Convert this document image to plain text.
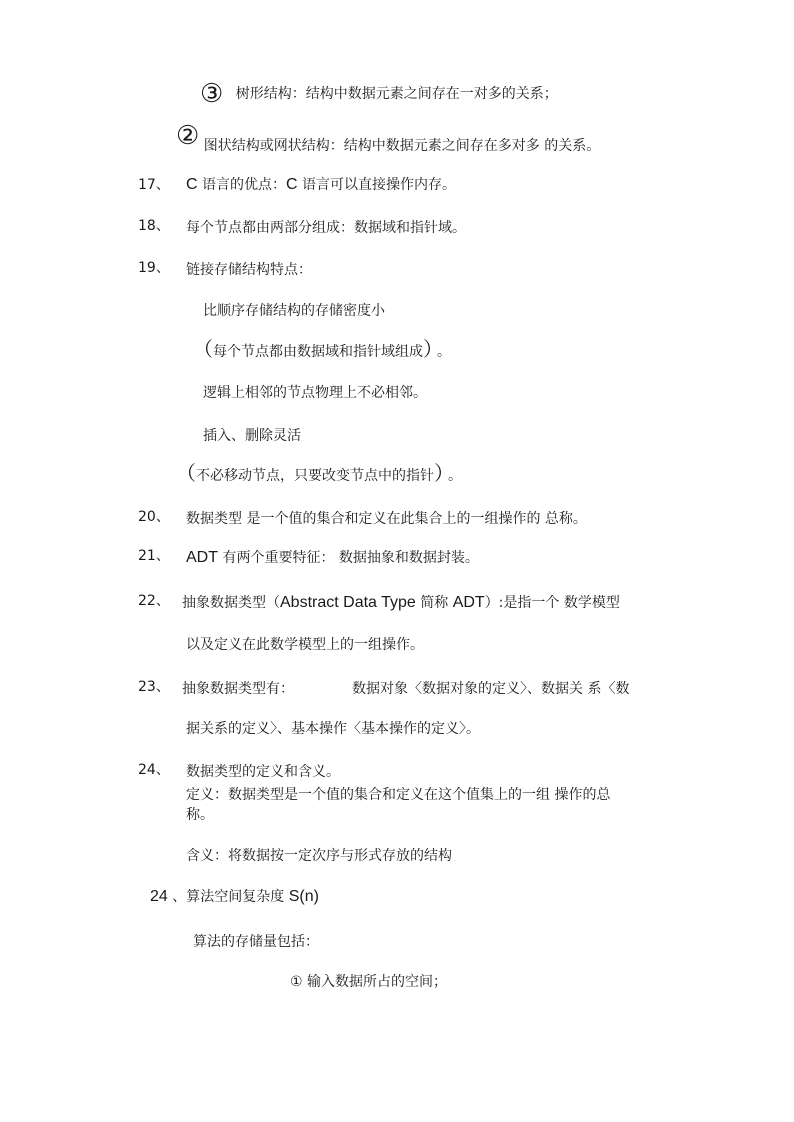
③ 树形结构：结构中数据元素之间存在一对多的关系；
② 图状结构或网状结构：结构中数据元素之间存在多对多 的关系。
17、 C 语言的优点：C 语言可以直接操作内存。
18、 每个节点都由两部分组成：数据域和指针域。
19、 链接存储结构特点：
比顺序存储结构的存储密度小
（每个节点都由数据域和指针域组成） 。
逻辑上相邻的节点物理上不必相邻。
插入、删除灵活
（不必移动节点，只要改变节点中的指针） 。
20、 数据类型 是一个值的集合和定义在此集合上的一组操作的 总称。
21、 ADT 有两个重要特征： 数据抽象和数据封装。
22、 抽象数据类型（Abstract Data Type 简称 ADT）:是指一个 数学模型
以及定义在此数学模型上的一组操作。
23、 抽象数据类型有：	数据对象〈数据对象的定义〉、数据关 系〈数
据关系的定义〉、基本操作〈基本操作的定义〉。
24、 数据类型的定义和含义。
定义：数据类型是一个值的集合和定义在这个值集上的一组 操作的总
称。
含义：将数据按一定次序与形式存放的结构
24 、算法空间复杂度 S(n)
算法的存储量包括：
① 输入数据所占的空间；
